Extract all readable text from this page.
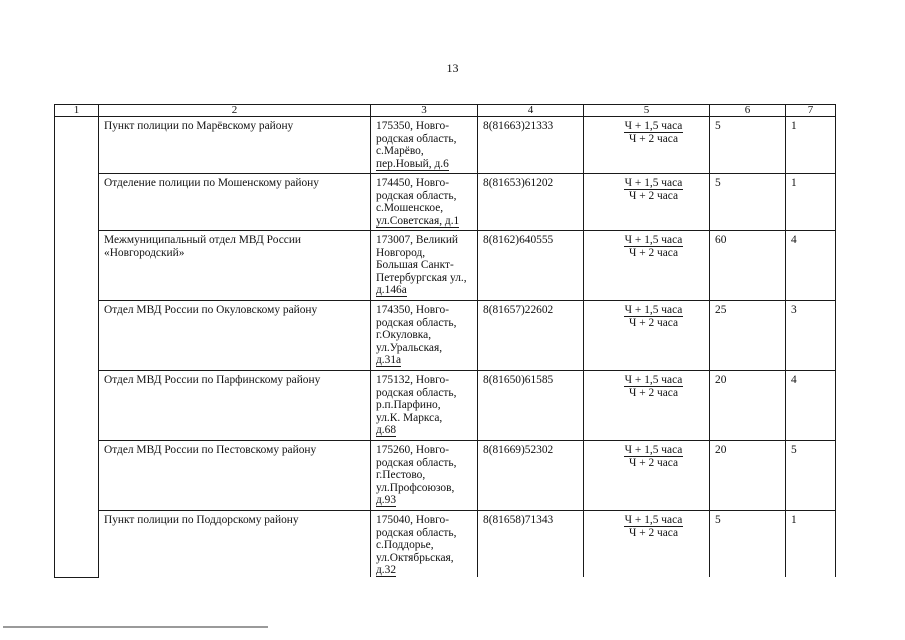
13
1	2	3	4	5	6	7
	Пункт полиции по Марёвскому району	175350, Новго-
родская область,
с.Марёво,
пер.Новый, д.6	8(81663)21333	$\frac{\text{Ч + 1,5 часа}}{\text{Ч + 2 часа}}$	5	1
	Отделение полиции по Мошенскому району	174450, Новго-
родская область,
с.Мошенское,
ул.Советская, д.1	8(81653)61202	$\frac{\text{Ч + 1,5 часа}}{\text{Ч + 2 часа}}$	5	1
	Межмуниципальный отдел МВД России «Новгородский»	173007, Великий
Новгород,
Большая Санкт-
Петербургская ул.,
д.146а	8(8162)640555	$\frac{\text{Ч + 1,5 часа}}{\text{Ч + 2 часа}}$	60	4
	Отдел МВД России по Окуловскому району	174350, Новго-
родская область,
г.Окуловка,
ул.Уральская,
д.31а	8(81657)22602	$\frac{\text{Ч + 1,5 часа}}{\text{Ч + 2 часа}}$	25	3
	Отдел МВД России по Парфинскому району	175132, Новго-
родская область,
р.п.Парфино,
ул.К. Маркса,
д.68	8(81650)61585	$\frac{\text{Ч + 1,5 часа}}{\text{Ч + 2 часа}}$	20	4
	Отдел МВД России по Пестовскому району	175260, Новго-
родская область,
г.Пестово,
ул.Профсоюзов,
д.93	8(81669)52302	$\frac{\text{Ч + 1,5 часа}}{\text{Ч + 2 часа}}$	20	5
	Пункт полиции по Поддорскому району	175040, Новго-
родская область,
с.Поддорье,
ул.Октябрьская,
д.32	8(81658)71343	$\frac{\text{Ч + 1,5 часа}}{\text{Ч + 2 часа}}$	5	1
